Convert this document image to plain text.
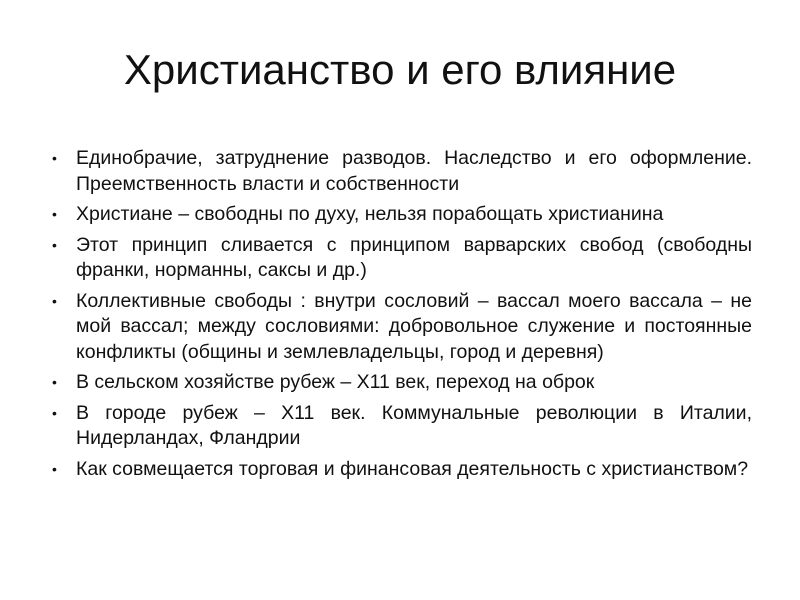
Христианство и его влияние
• Единобрачие, затруднение разводов. Наследство и его оформление. Преемственность власти и собственности
• Христиане – свободны по духу, нельзя порабощать христианина
• Этот принцип сливается с принципом варварских свобод (свободны франки, норманны, саксы и др.)
• Коллективные свободы : внутри сословий – вассал моего вассала – не мой вассал; между сословиями: добровольное служение и постоянные конфликты (общины и землевладельцы, город и деревня)
• В сельском хозяйстве рубеж – Х11 век, переход на оброк
• В городе рубеж – Х11 век. Коммунальные революции в Италии, Нидерландах, Фландрии
• Как совмещается торговая и финансовая деятельность с христианством?
